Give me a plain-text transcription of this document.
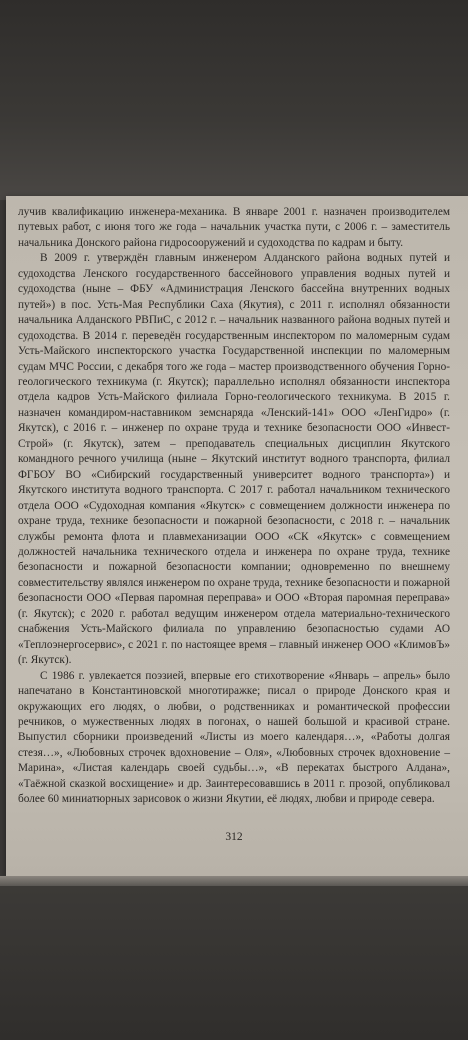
лучив квалификацию инженера-механика. В январе 2001 г. назначен производителем путевых работ, с июня того же года – начальник участка пути, с 2006 г. – заместитель начальника Донского района гидросооружений и судоходства по кадрам и быту.

В 2009 г. утверждён главным инженером Алданского района водных путей и судоходства Ленского государственного бассейнового управления водных путей и судоходства (ныне – ФБУ «Администрация Ленского бассейна внутренних водных путей») в пос. Усть-Мая Республики Саха (Якутия), с 2011 г. исполнял обязанности начальника Алданского РВПиС, с 2012 г. – начальник названного района водных путей и судоходства. В 2014 г. переведён государственным инспектором по маломерным судам Усть-Майского инспекторского участка Государственной инспекции по маломерным судам МЧС России, с декабря того же года – мастер производственного обучения Горно-геологического техникума (г. Якутск); параллельно исполнял обязанности инспектора отдела кадров Усть-Майского филиала Горно-геологического техникума. В 2015 г. назначен командиром-наставником земснаряда «Ленский-141» ООО «ЛенГидро» (г. Якутск), с 2016 г. – инженер по охране труда и технике безопасности ООО «Инвест-Строй» (г. Якутск), затем – преподаватель специальных дисциплин Якутского командного речного училища (ныне – Якутский институт водного транспорта, филиал ФГБОУ ВО «Сибирский государственный университет водного транспорта») и Якутского института водного транспорта. С 2017 г. работал начальником технического отдела ООО «Судоходная компания «Якутск» с совмещением должности инженера по охране труда, технике безопасности и пожарной безопасности, с 2018 г. – начальник службы ремонта флота и плавмеханизации ООО «СК «Якутск» с совмещением должностей начальника технического отдела и инженера по охране труда, технике безопасности и пожарной безопасности компании; одновременно по внешнему совместительству являлся инженером по охране труда, технике безопасности и пожарной безопасности ООО «Первая паромная переправа» и ООО «Вторая паромная переправа» (г. Якутск); с 2020 г. работал ведущим инженером отдела материально-технического снабжения Усть-Майского филиала по управлению безопасностью судами АО «Теплоэнергосервис», с 2021 г. по настоящее время – главный инженер ООО «КлимовЪ» (г. Якутск).

С 1986 г. увлекается поэзией, впервые его стихотворение «Январь – апрель» было напечатано в Константиновской многотиражке; писал о природе Донского края и окружающих его людях, о любви, о родственниках и романтической профессии речников, о мужественных людях в погонах, о нашей большой и красивой стране. Выпустил сборники произведений «Листы из моего календаря…», «Работы долгая стезя…», «Любовных строчек вдохновение – Оля», «Любовных строчек вдохновение – Марина», «Листая календарь своей судьбы…», «В перекатах быстрого Алдана», «Таёжной сказкой восхищение» и др. Заинтересовавшись в 2011 г. прозой, опубликовал более 60 миниатюрных зарисовок о жизни Якутии, её людях, любви и природе севера.

312
